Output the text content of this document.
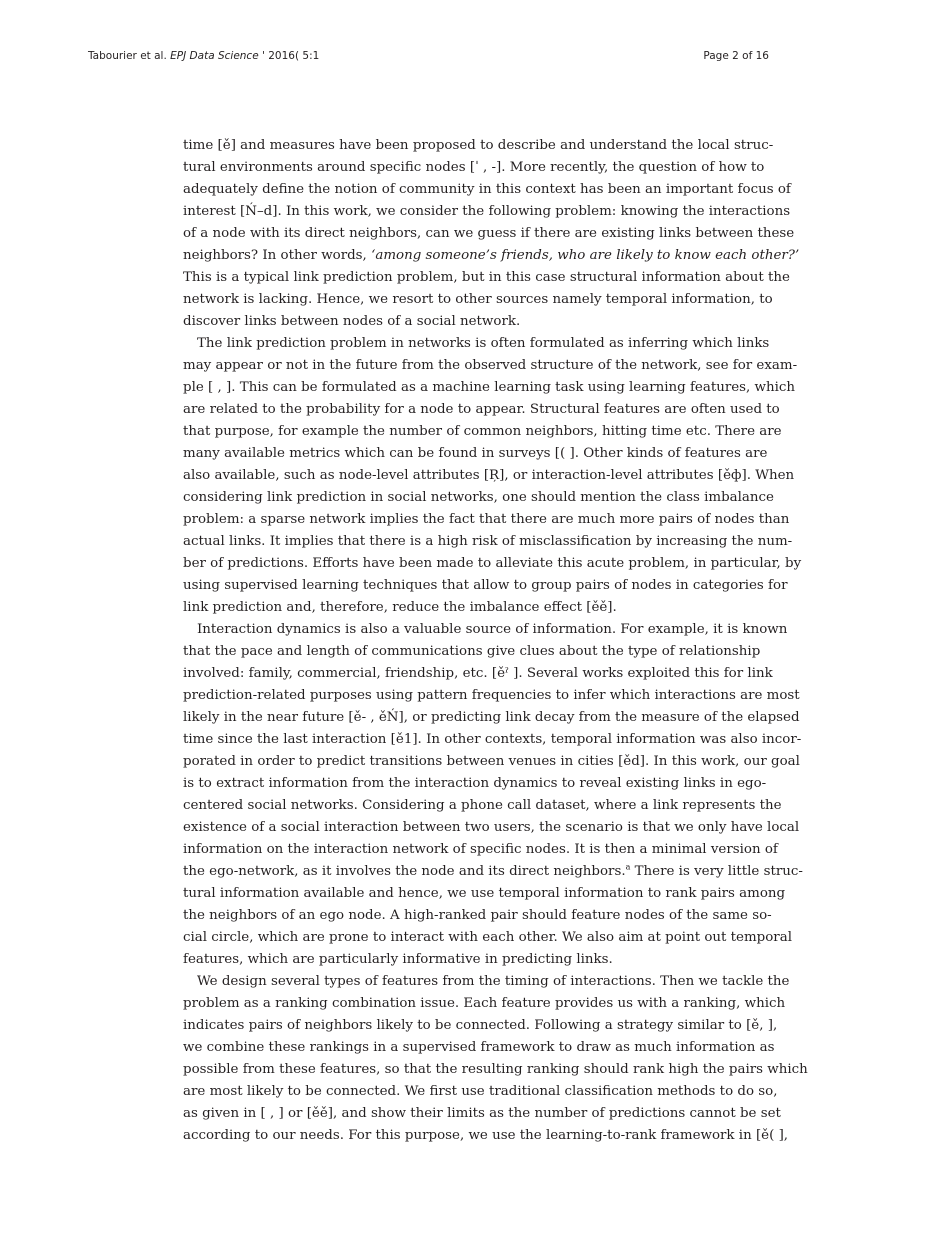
Tabourier et al. EPJ Data Science ' 2016( 5:1	Page 2 of 16
time [ě] and measures have been proposed to describe and understand the local struc-
tural environments around specific nodes [ˈ , -]. More recently, the question of how to
adequately define the notion of community in this context has been an important focus of
interest [Ń–d]. In this work, we consider the following problem: knowing the interactions
of a node with its direct neighbors, can we guess if there are existing links between these
neighbors? In other words, ‘among someone’s friends, who are likely to know each other?’
This is a typical link prediction problem, but in this case structural information about the
network is lacking. Hence, we resort to other sources namely temporal information, to
discover links between nodes of a social network.
The link prediction problem in networks is often formulated as inferring which links
may appear or not in the future from the observed structure of the network, see for exam-
ple [ , ]. This can be formulated as a machine learning task using learning features, which
are related to the probability for a node to appear. Structural features are often used to
that purpose, for example the number of common neighbors, hitting time etc. There are
many available metrics which can be found in surveys [( ]. Other kinds of features are
also available, such as node-level attributes [Ŗ], or interaction-level attributes [ěф]. When
considering link prediction in social networks, one should mention the class imbalance
problem: a sparse network implies the fact that there are much more pairs of nodes than
actual links. It implies that there is a high risk of misclassification by increasing the num-
ber of predictions. Efforts have been made to alleviate this acute problem, in particular, by
using supervised learning techniques that allow to group pairs of nodes in categories for
link prediction and, therefore, reduce the imbalance effect [ěě].
Interaction dynamics is also a valuable source of information. For example, it is known
that the pace and length of communications give clues about the type of relationship
involved: family, commercial, friendship, etc. [ěˀ ]. Several works exploited this for link
prediction-related purposes using pattern frequencies to infer which interactions are most
likely in the near future [ě- , ěŃ], or predicting link decay from the measure of the elapsed
time since the last interaction [ě1]. In other contexts, temporal information was also incor-
porated in order to predict transitions between venues in cities [ěd]. In this work, our goal
is to extract information from the interaction dynamics to reveal existing links in ego-
centered social networks. Considering a phone call dataset, where a link represents the
existence of a social interaction between two users, the scenario is that we only have local
information on the interaction network of specific nodes. It is then a minimal version of
the ego-network, as it involves the node and its direct neighbors.$^a$ There is very little struc-
tural information available and hence, we use temporal information to rank pairs among
the neighbors of an ego node. A high-ranked pair should feature nodes of the same so-
cial circle, which are prone to interact with each other. We also aim at point out temporal
features, which are particularly informative in predicting links.
We design several types of features from the timing of interactions. Then we tackle the
problem as a ranking combination issue. Each feature provides us with a ranking, which
indicates pairs of neighbors likely to be connected. Following a strategy similar to [ě, ],
we combine these rankings in a supervised framework to draw as much information as
possible from these features, so that the resulting ranking should rank high the pairs which
are most likely to be connected. We first use traditional classification methods to do so,
as given in [ , ] or [ěě], and show their limits as the number of predictions cannot be set
according to our needs. For this purpose, we use the learning-to-rank framework in [ě( ],
